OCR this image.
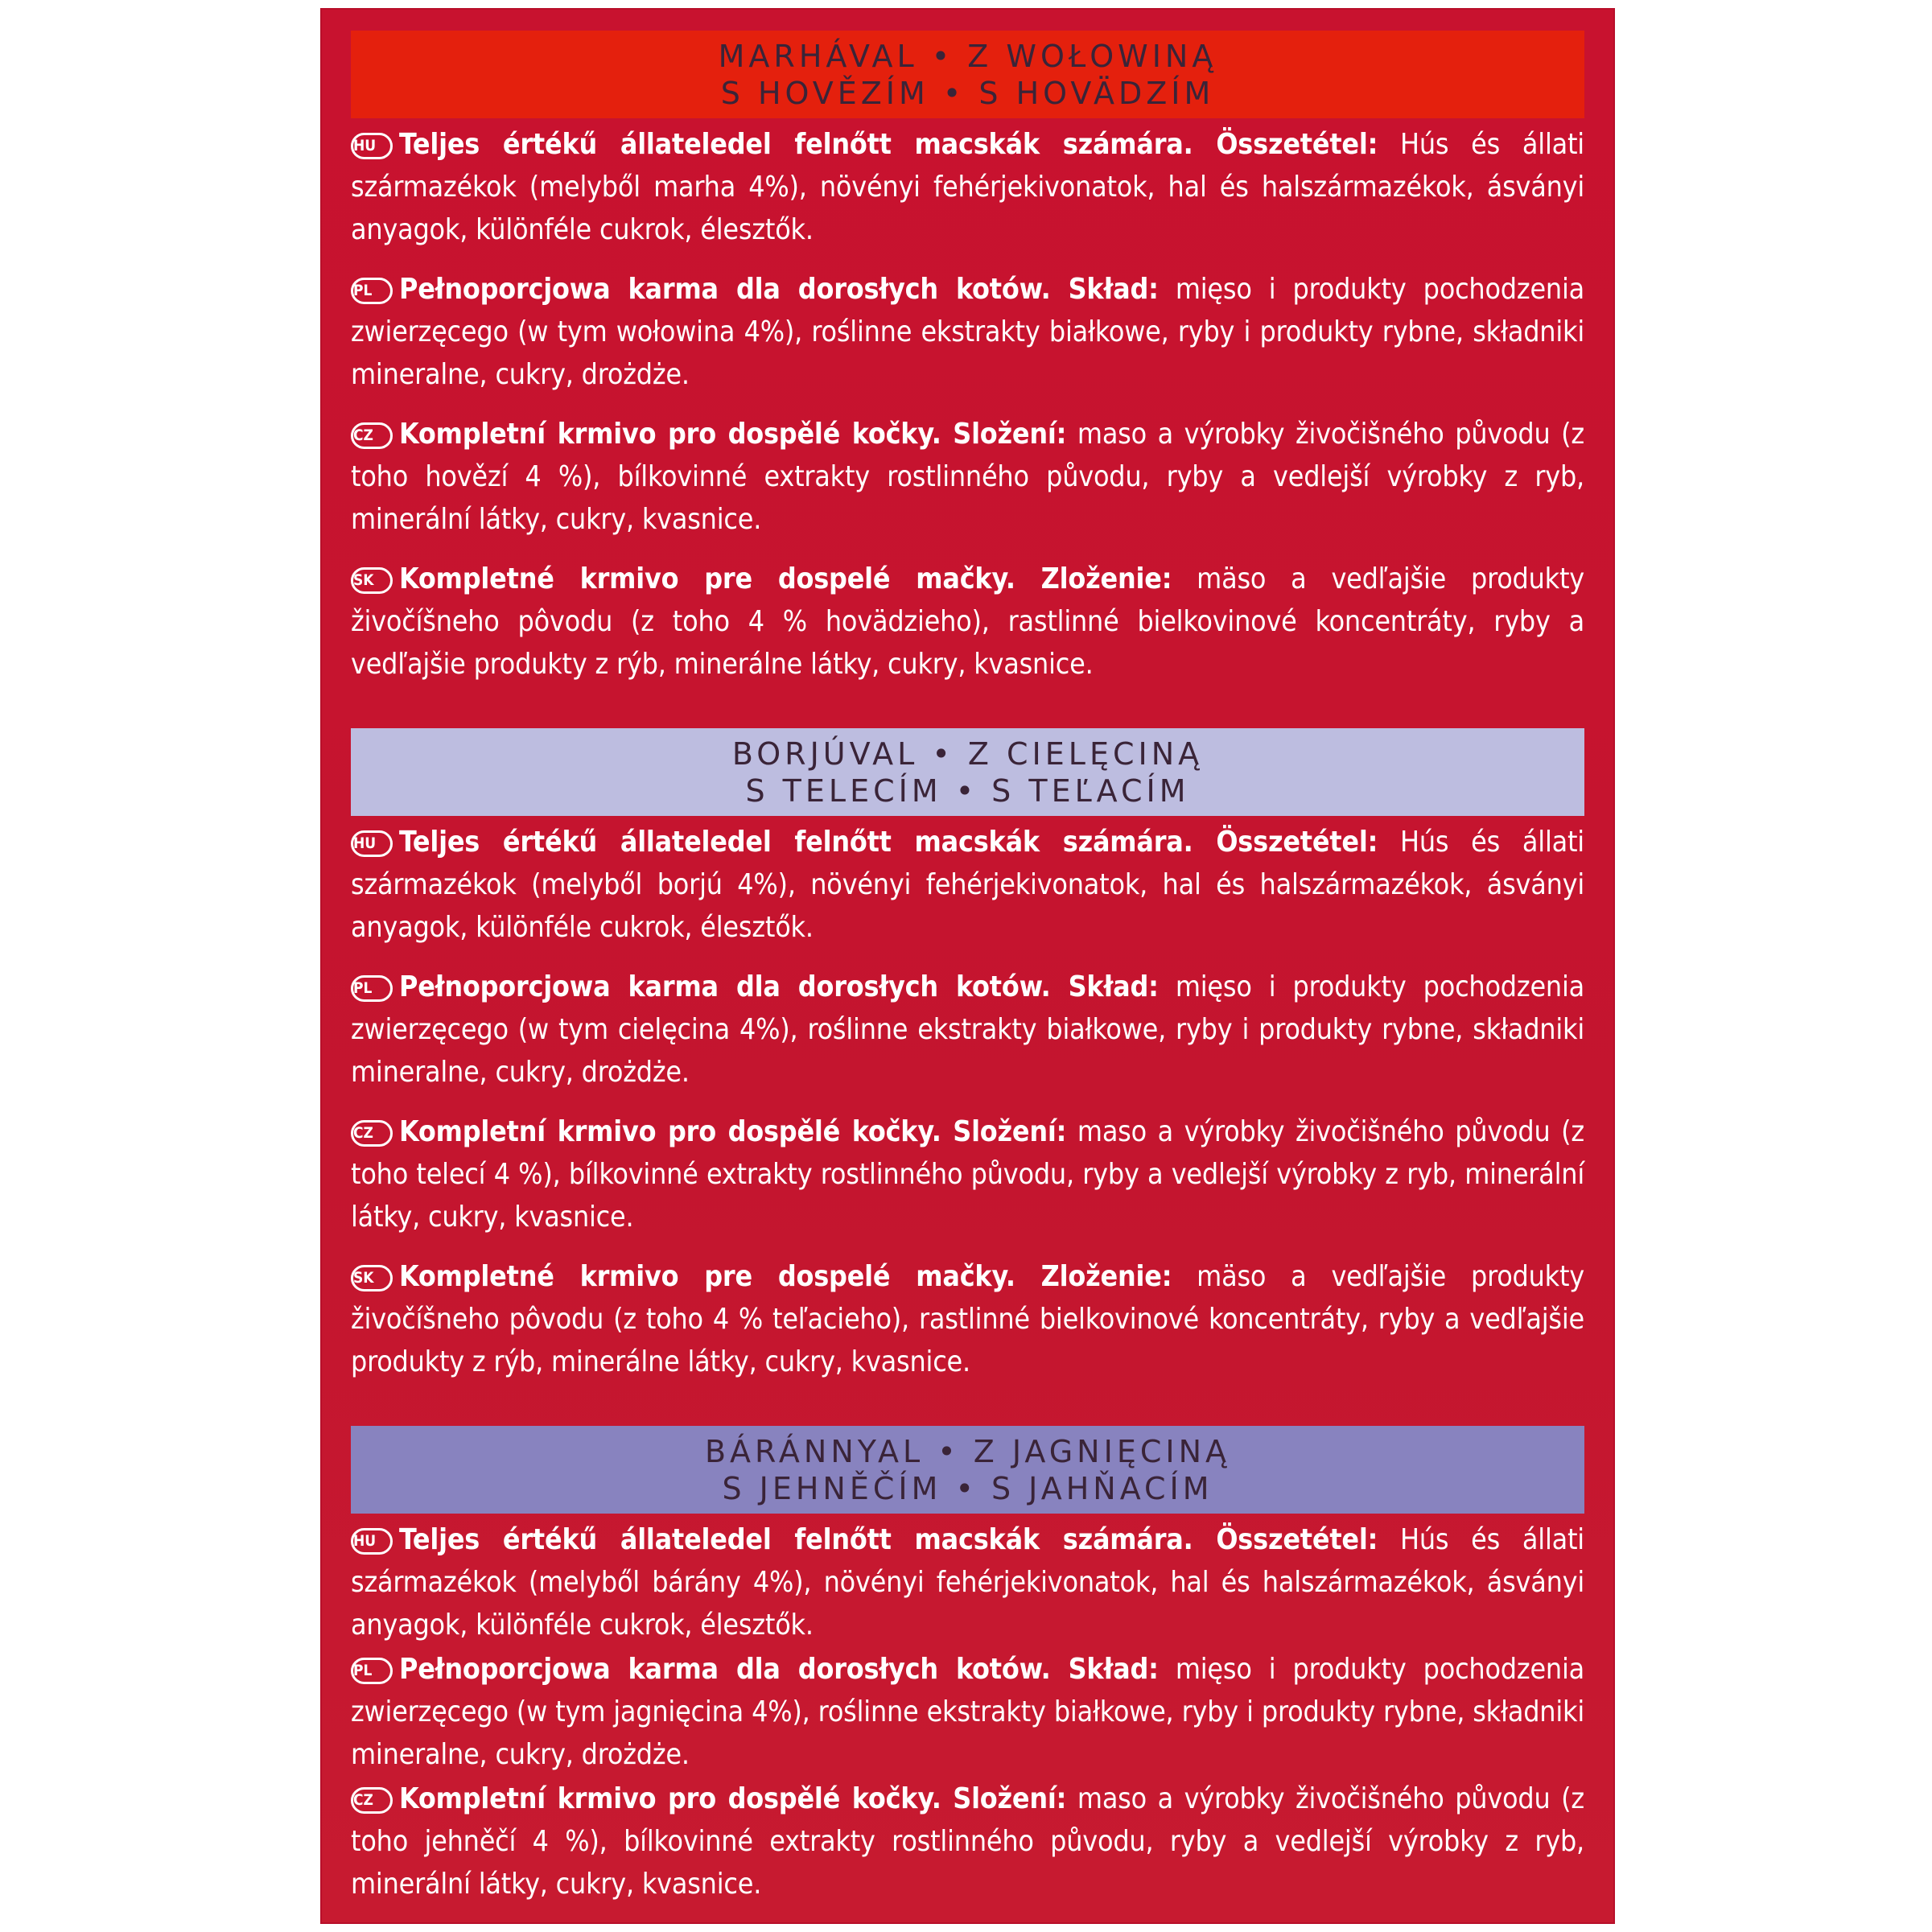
MARHÁVAL • Z WOŁOWINĄ
S HOVĚZÍM • S HOVÄDZÍM

HU Teljes értékű állateledel felnőtt macskák számára. Összetétel: Hús és állati származékok (melyből marha 4%), növényi fehérjekivonatok, hal és halszármazékok, ásványi anyagok, különféle cukrok, élesztők.

PL Pełnoporcjowa karma dla dorosłych kotów. Skład: mięso i produkty pochodzenia zwierzęcego (w tym wołowina 4%), roślinne ekstrakty białkowe, ryby i produkty rybne, składniki mineralne, cukry, drożdże.

CZ Kompletní krmivo pro dospělé kočky. Složení: maso a výrobky živočišného původu (z toho hovězí 4 %), bílkovinné extrakty rostlinného původu, ryby a vedlejší výrobky z ryb, minerální látky, cukry, kvasnice.

SK Kompletné krmivo pre dospelé mačky. Zloženie: mäso a vedľajšie produkty živočíšneho pôvodu (z toho 4 % hovädzieho), rastlinné bielkovinové koncentráty, ryby a vedľajšie produkty z rýb, minerálne látky, cukry, kvasnice.

BORJÚVAL • Z CIELĘCINĄ
S TELECÍM • S TEĽACÍM

HU Teljes értékű állateledel felnőtt macskák számára. Összetétel: Hús és állati származékok (melyből borjú 4%), növényi fehérjekivonatok, hal és halszármazékok, ásványi anyagok, különféle cukrok, élesztők.

PL Pełnoporcjowa karma dla dorosłych kotów. Skład: mięso i produkty pochodzenia zwierzęcego (w tym cielęcina 4%), roślinne ekstrakty białkowe, ryby i produkty rybne, składniki mineralne, cukry, drożdże.

CZ Kompletní krmivo pro dospělé kočky. Složení: maso a výrobky živočišného původu (z toho telecí 4 %), bílkovinné extrakty rostlinného původu, ryby a vedlejší výrobky z ryb, minerální látky, cukry, kvasnice.

SK Kompletné krmivo pre dospelé mačky. Zloženie: mäso a vedľajšie produkty živočíšneho pôvodu (z toho 4 % teľacieho), rastlinné bielkovinové koncentráty, ryby a vedľajšie produkty z rýb, minerálne látky, cukry, kvasnice.

BÁRÁNNYAL • Z JAGNIĘCINĄ
S JEHNĚČÍM • S JAHŇACÍM

HU Teljes értékű állateledel felnőtt macskák számára. Összetétel: Hús és állati származékok (melyből bárány 4%), növényi fehérjekivonatok, hal és halszármazékok, ásványi anyagok, különféle cukrok, élesztők.

PL Pełnoporcjowa karma dla dorosłych kotów. Skład: mięso i produkty pochodzenia zwierzęcego (w tym jagnięcina 4%), roślinne ekstrakty białkowe, ryby i produkty rybne, składniki mineralne, cukry, drożdże.

CZ Kompletní krmivo pro dospělé kočky. Složení: maso a výrobky živočišného původu (z toho jehněčí 4 %), bílkovinné extrakty rostlinného původu, ryby a vedlejší výrobky z ryb, minerální látky, cukry, kvasnice.
